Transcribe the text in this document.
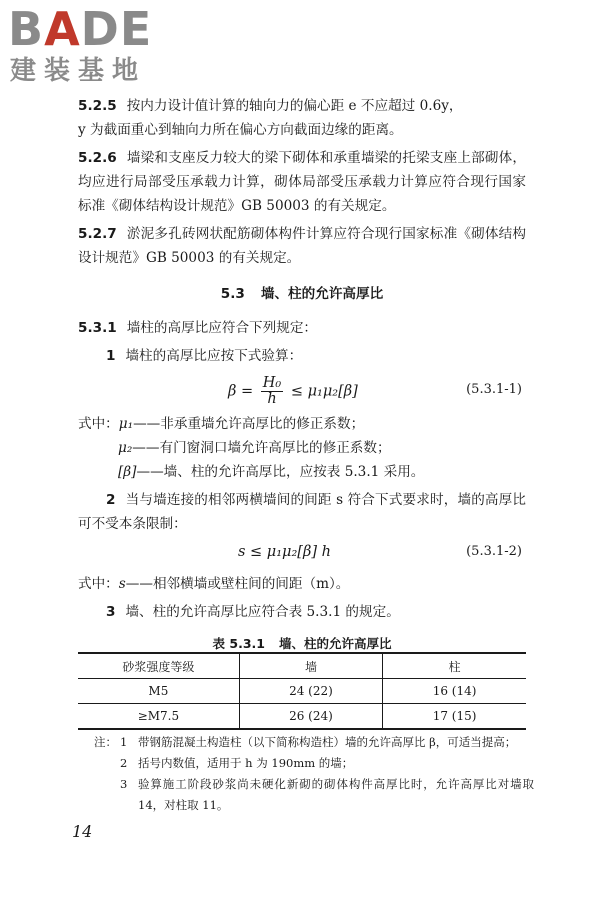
BADE
建装基地

5.2.5 按内力设计值计算的轴向力的偏心距 e 不应超过 0.6y，
y 为截面重心到轴向力所在偏心方向截面边缘的距离。

5.2.6 墙梁和支座反力较大的梁下砌体和承重墙梁的托梁支座上部砌体，均应进行局部受压承载力计算，砌体局部受压承载力计算应符合现行国家标准《砌体结构设计规范》GB 50003 的有关规定。

5.2.7 淤泥多孔砖网状配筋砌体构件计算应符合现行国家标准《砌体结构设计规范》GB 50003 的有关规定。

5.3 墙、柱的允许高厚比

5.3.1 墙柱的高厚比应符合下列规定：

1 墙柱的高厚比应按下式验算：

$\beta = \frac{\text{H₀}}{h} \le \mu_1\mu_2[\beta]$	(5.3.1-1)

式中：μ₁——非承重墙允许高厚比的修正系数；

μ₂——有门窗洞口墙允许高厚比的修正系数；

[β]——墙、柱的允许高厚比，应按表 5.3.1 采用。

2 当与墙连接的相邻两横墙间的间距 s 符合下式要求时，墙的高厚比可不受本条限制：

s ≤ μ₁μ₂[β] h	(5.3.1-2)

式中：s——相邻横墙或壁柱间的间距（m）。

3 墙、柱的允许高厚比应符合表 5.3.1 的规定。

表 5.3.1 墙、柱的允许高厚比
砂浆强度等级	墙	柱
M5	24 (22)	16 (14)
≥M7.5	26 (24)	17 (15)
注： 1 带钢筋混凝土构造柱（以下简称构造柱）墙的允许高厚比 β，可适当提高；
2 括号内数值，适用于 h 为 190mm 的墙；
3 验算施工阶段砂浆尚未硬化新砌的砌体构件高厚比时，允许高厚比对墙取 14，对柱取 11。
14
